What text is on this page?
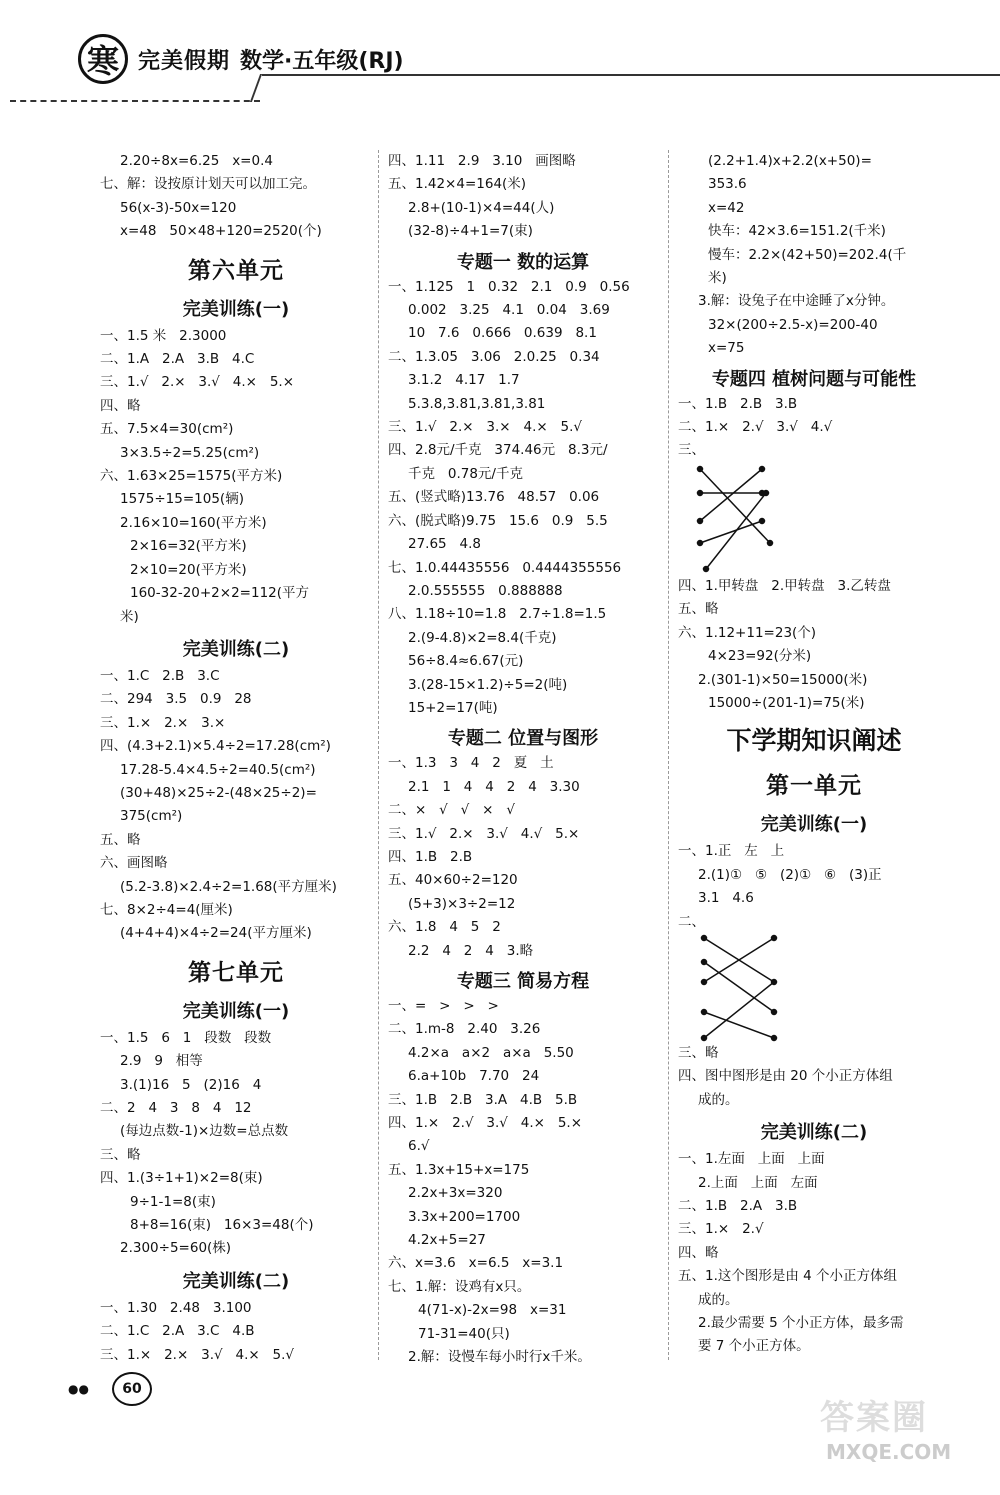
寒 完美假期 数学·五年级(RJ)
2.20÷8x=6.25   x=0.4
七、解：设按原计划天可以加工完。
56(x-3)-50x=120
x=48   50×48+120=2520(个)
第六单元
完美训练(一)
一、1.5 米   2.3000
二、1.A   2.A   3.B   4.C
三、1.√   2.×   3.√   4.×   5.×
四、略
五、7.5×4=30(cm²)
3×3.5÷2=5.25(cm²)
六、1.63×25=1575(平方米)
1575÷15=105(辆)
2.16×10=160(平方米)
2×16=32(平方米)
2×10=20(平方米)
160-32-20+2×2=112(平方
米)
完美训练(二)
一、1.C   2.B   3.C
二、294   3.5   0.9   28
三、1.×   2.×   3.×
四、(4.3+2.1)×5.4÷2=17.28(cm²)
17.28-5.4×4.5÷2=40.5(cm²)
(30+48)×25÷2-(48×25÷2)=
375(cm²)
五、略
六、画图略
(5.2-3.8)×2.4÷2=1.68(平方厘米)
七、8×2÷4=4(厘米)
(4+4+4)×4÷2=24(平方厘米)
第七单元
完美训练(一)
一、1.5   6   1   段数   段数
2.9   9   相等
3.(1)16   5   (2)16   4
二、2   4   3   8   4   12
(每边点数-1)×边数=总点数
三、略
四、1.(3÷1+1)×2=8(束)
9÷1-1=8(束)
8+8=16(束)   16×3=48(个)
2.300÷5=60(株)
完美训练(二)
一、1.30   2.48   3.100
二、1.C   2.A   3.C   4.B
三、1.×   2.×   3.√   4.×   5.√
四、1.11   2.9   3.10   画图略
五、1.42×4=164(米)
2.8+(10-1)×4=44(人)
(32-8)÷4+1=7(束)
专题一 数的运算
一、1.125   1   0.32   2.1   0.9   0.56
0.002   3.25   4.1   0.04   3.69
10   7.6   0.666   0.639   8.1
二、1.3.05   3.06   2.0.25   0.34
3.1.2   4.17   1.7
5.3.8,3.81,3.81,3.81
三、1.√   2.×   3.×   4.×   5.√
四、2.8元/千克   374.46元   8.3元/
千克   0.78元/千克
五、(竖式略)13.76   48.57   0.06
六、(脱式略)9.75   15.6   0.9   5.5
27.65   4.8
七、1.0.44435556   0.4444355556
2.0.555555   0.888888
八、1.18÷10=1.8   2.7÷1.8=1.5
2.(9-4.8)×2=8.4(千克)
56÷8.4≈6.67(元)
3.(28-15×1.2)÷5=2(吨)
15+2=17(吨)
专题二 位置与图形
一、1.3   3   4   2   夏   土
2.1   1   4   4   2   4   3.30
二、×   √   √   ×   √
三、1.√   2.×   3.√   4.√   5.×
四、1.B   2.B
五、40×60÷2=120
(5+3)×3÷2=12
六、1.8   4   5   2
2.2   4   2   4   3.略
专题三 简易方程
一、=   >   >   >
二、1.m-8   2.40   3.26
4.2×a   a×2   a×a   5.50
6.a+10b   7.70   24
三、1.B   2.B   3.A   4.B   5.B
四、1.×   2.√   3.√   4.×   5.×
6.√
五、1.3x+15+x=175
2.2x+3x=320
3.3x+200=1700
4.2x+5=27
六、x=3.6   x=6.5   x=3.1
七、1.解：设鸡有x只。
4(71-x)-2x=98   x=31
71-31=40(只)
2.解：设慢车每小时行x千米。
(2.2+1.4)x+2.2(x+50)=
353.6
x=42
快车：42×3.6=151.2(千米)
慢车：2.2×(42+50)=202.4(千
米)
3.解：设兔子在中途睡了x分钟。
32×(200÷2.5-x)=200-40
x=75
专题四 植树问题与可能性
一、1.B   2.B   3.B
二、1.×   2.√   3.√   4.√
三、
四、1.甲转盘   2.甲转盘   3.乙转盘
五、略
六、1.12+11=23(个)
4×23=92(分米)
2.(301-1)×50=15000(米)
15000÷(201-1)=75(米)
下学期知识阐述
第一单元
完美训练(一)
一、1.正   左   上
2.(1)①   ⑤   (2)①   ⑥   (3)正
3.1   4.6
二、
三、略
四、图中图形是由 20 个小正方体组
成的。
完美训练(二)
一、1.左面   上面   上面
2.上面   上面   左面
二、1.B   2.A   3.B
三、1.×   2.√
四、略
五、1.这个图形是由 4 个小正方体组
成的。
2.最少需要 5 个小正方体，最多需
要 7 个小正方体。
●●	60
答案圈
MXQE.COM
